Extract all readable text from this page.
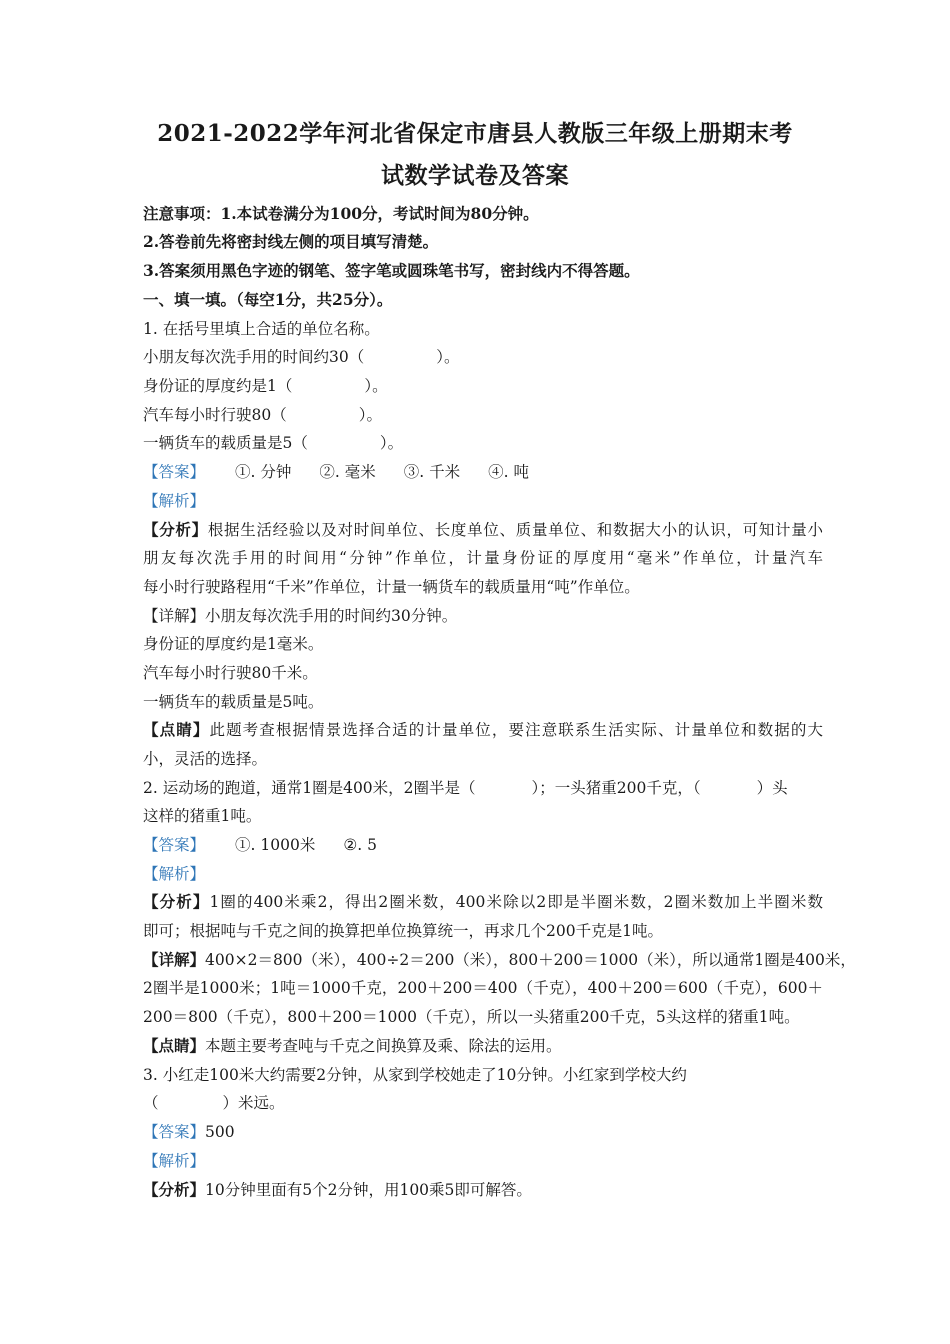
2021-2022学年河北省保定市唐县人教版三年级上册期末考
试数学试卷及答案
注意事项：1.本试卷满分为100分，考试时间为80分钟。
2.答卷前先将密封线左侧的项目填写清楚。
3.答案须用黑色字迹的钢笔、签字笔或圆珠笔书写，密封线内不得答题。
一、填一填。（每空1分，共25分）。
1. 在括号里填上合适的单位名称。
小朋友每次洗手用的时间约30（	）。
身份证的厚度约是1（	）。
汽车每小时行驶80（	）。
一辆货车的载质量是5（	）。
【答案】 ①. 分钟 ②. 毫米 ③. 千米 ④. 吨
【解析】
【分析】根据生活经验以及对时间单位、长度单位、质量单位、和数据大小的认识，可知计量小
朋友每次洗手用的时间用“分钟”作单位，计量身份证的厚度用“毫米”作单位，计量汽车
每小时行驶路程用“千米”作单位，计量一辆货车的载质量用“吨”作单位。
【详解】小朋友每次洗手用的时间约30分钟。
身份证的厚度约是1毫米。
汽车每小时行驶80千米。
一辆货车的载质量是5吨。
【点睛】此题考查根据情景选择合适的计量单位，要注意联系生活实际、计量单位和数据的大
小，灵活的选择。
2. 运动场的跑道，通常1圈是400米，2圈半是（	）；一头猪重200千克，（	）头
这样的猪重1吨。
【答案】 ①. 1000米 ②. 5
【解析】
【分析】1圈的400米乘2，得出2圈米数，400米除以2即是半圈米数，2圈米数加上半圈米数
即可；根据吨与千克之间的换算把单位换算统一，再求几个200千克是1吨。
【详解】400×2＝800（米），400÷2＝200（米），800＋200＝1000（米），所以通常1圈是400米，
2圈半是1000米；1吨＝1000千克，200＋200＝400（千克），400＋200＝600（千克），600＋
200＝800（千克），800＋200＝1000（千克），所以一头猪重200千克，5头这样的猪重1吨。
【点睛】本题主要考查吨与千克之间换算及乘、除法的运用。
3. 小红走100米大约需要2分钟，从家到学校她走了10分钟。小红家到学校大约
（	）米远。
【答案】500
【解析】
【分析】10分钟里面有5个2分钟，用100乘5即可解答。
